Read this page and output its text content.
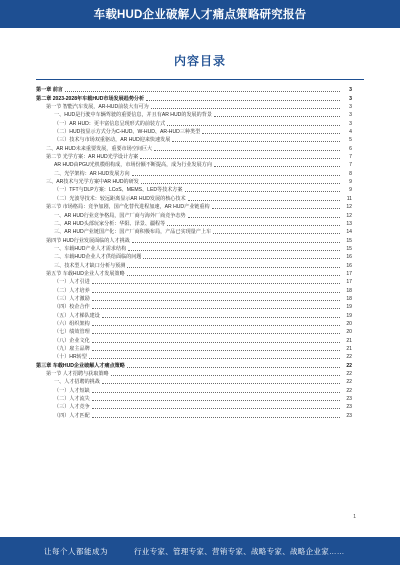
车载HUD企业破解人才痛点策略研究报告
内容目录
第一章 前言	3
第二章 2023-2028年车载HUD市场发展趋势分析	3
第一节 智能汽车发展，AR-HUD前装大有可为	3
一、HUD是行驶中车辆驾驶的重要信息，并且有AR HUD的发展的背景	3
（一）AR HUD：更丰富信息呈现形式的前装方式	3
（二）HUD按显示方式分为C-HUD、W-HUD、AR-HUD三种类型	4
（三）技术与市场双重驱动，AR HUD迎来快速发展	5
二、AR HUD未来重要发展，重要市场空间巨大	6
第二节 光学方案：AR HUD光学设计方案	7
AR HUD由PGU光机模组构成，市场份额不断提高，成为行业发展方向	7
二、光学架构：AR HUD发展方向	8
三、AR技术与光学方案中AR HUD的研发	9
（一）TFT与DLP方案：LCoS、MEMS、LED等技术方案	9
（二）光波导技术：较远距离显示AR HUD发展的核心技术	11
第三节 市场格局：竞争加剧，国产化替代进程加速，AR HUD产业链重构	12
一、AR HUD行业竞争格局，国产厂商与海外厂商竞争态势	12
二、AR HUD头部玩家分析：华阳、泽景、疆程等	13
三、AR HUD产业链国产化：国产厂商积极布局，产品已实现量产上车	14
第四节 HUD行业发展面临的人才挑战	15
一、车载HUD产业人才需求结构	15
二、车载HUD企业人才供给面临的问题	16
三、技术型人才缺口分析与预测	16
第五节 车载HUD企业人才发展策略	17
（一）人才引进	17
（二）人才培养	18
（三）人才激励	18
（四）校企合作	19
（五）人才梯队建设	19
（六）组织架构	20
（七）绩效管理	20
（八）企业文化	21
（九）雇主品牌	21
（十）HR转型	22
第三章 车载HUD企业破解人才痛点策略	22
第一节 人才招聘与获取策略	22
一、人才招聘的挑战	22
（一）人才短缺	22
（二）人才流失	23
（三）人才竞争	23
（四）人才匹配	23
1
让每个人都能成为	行业专家、管理专家、营销专家、战略专家、战略企业家……
